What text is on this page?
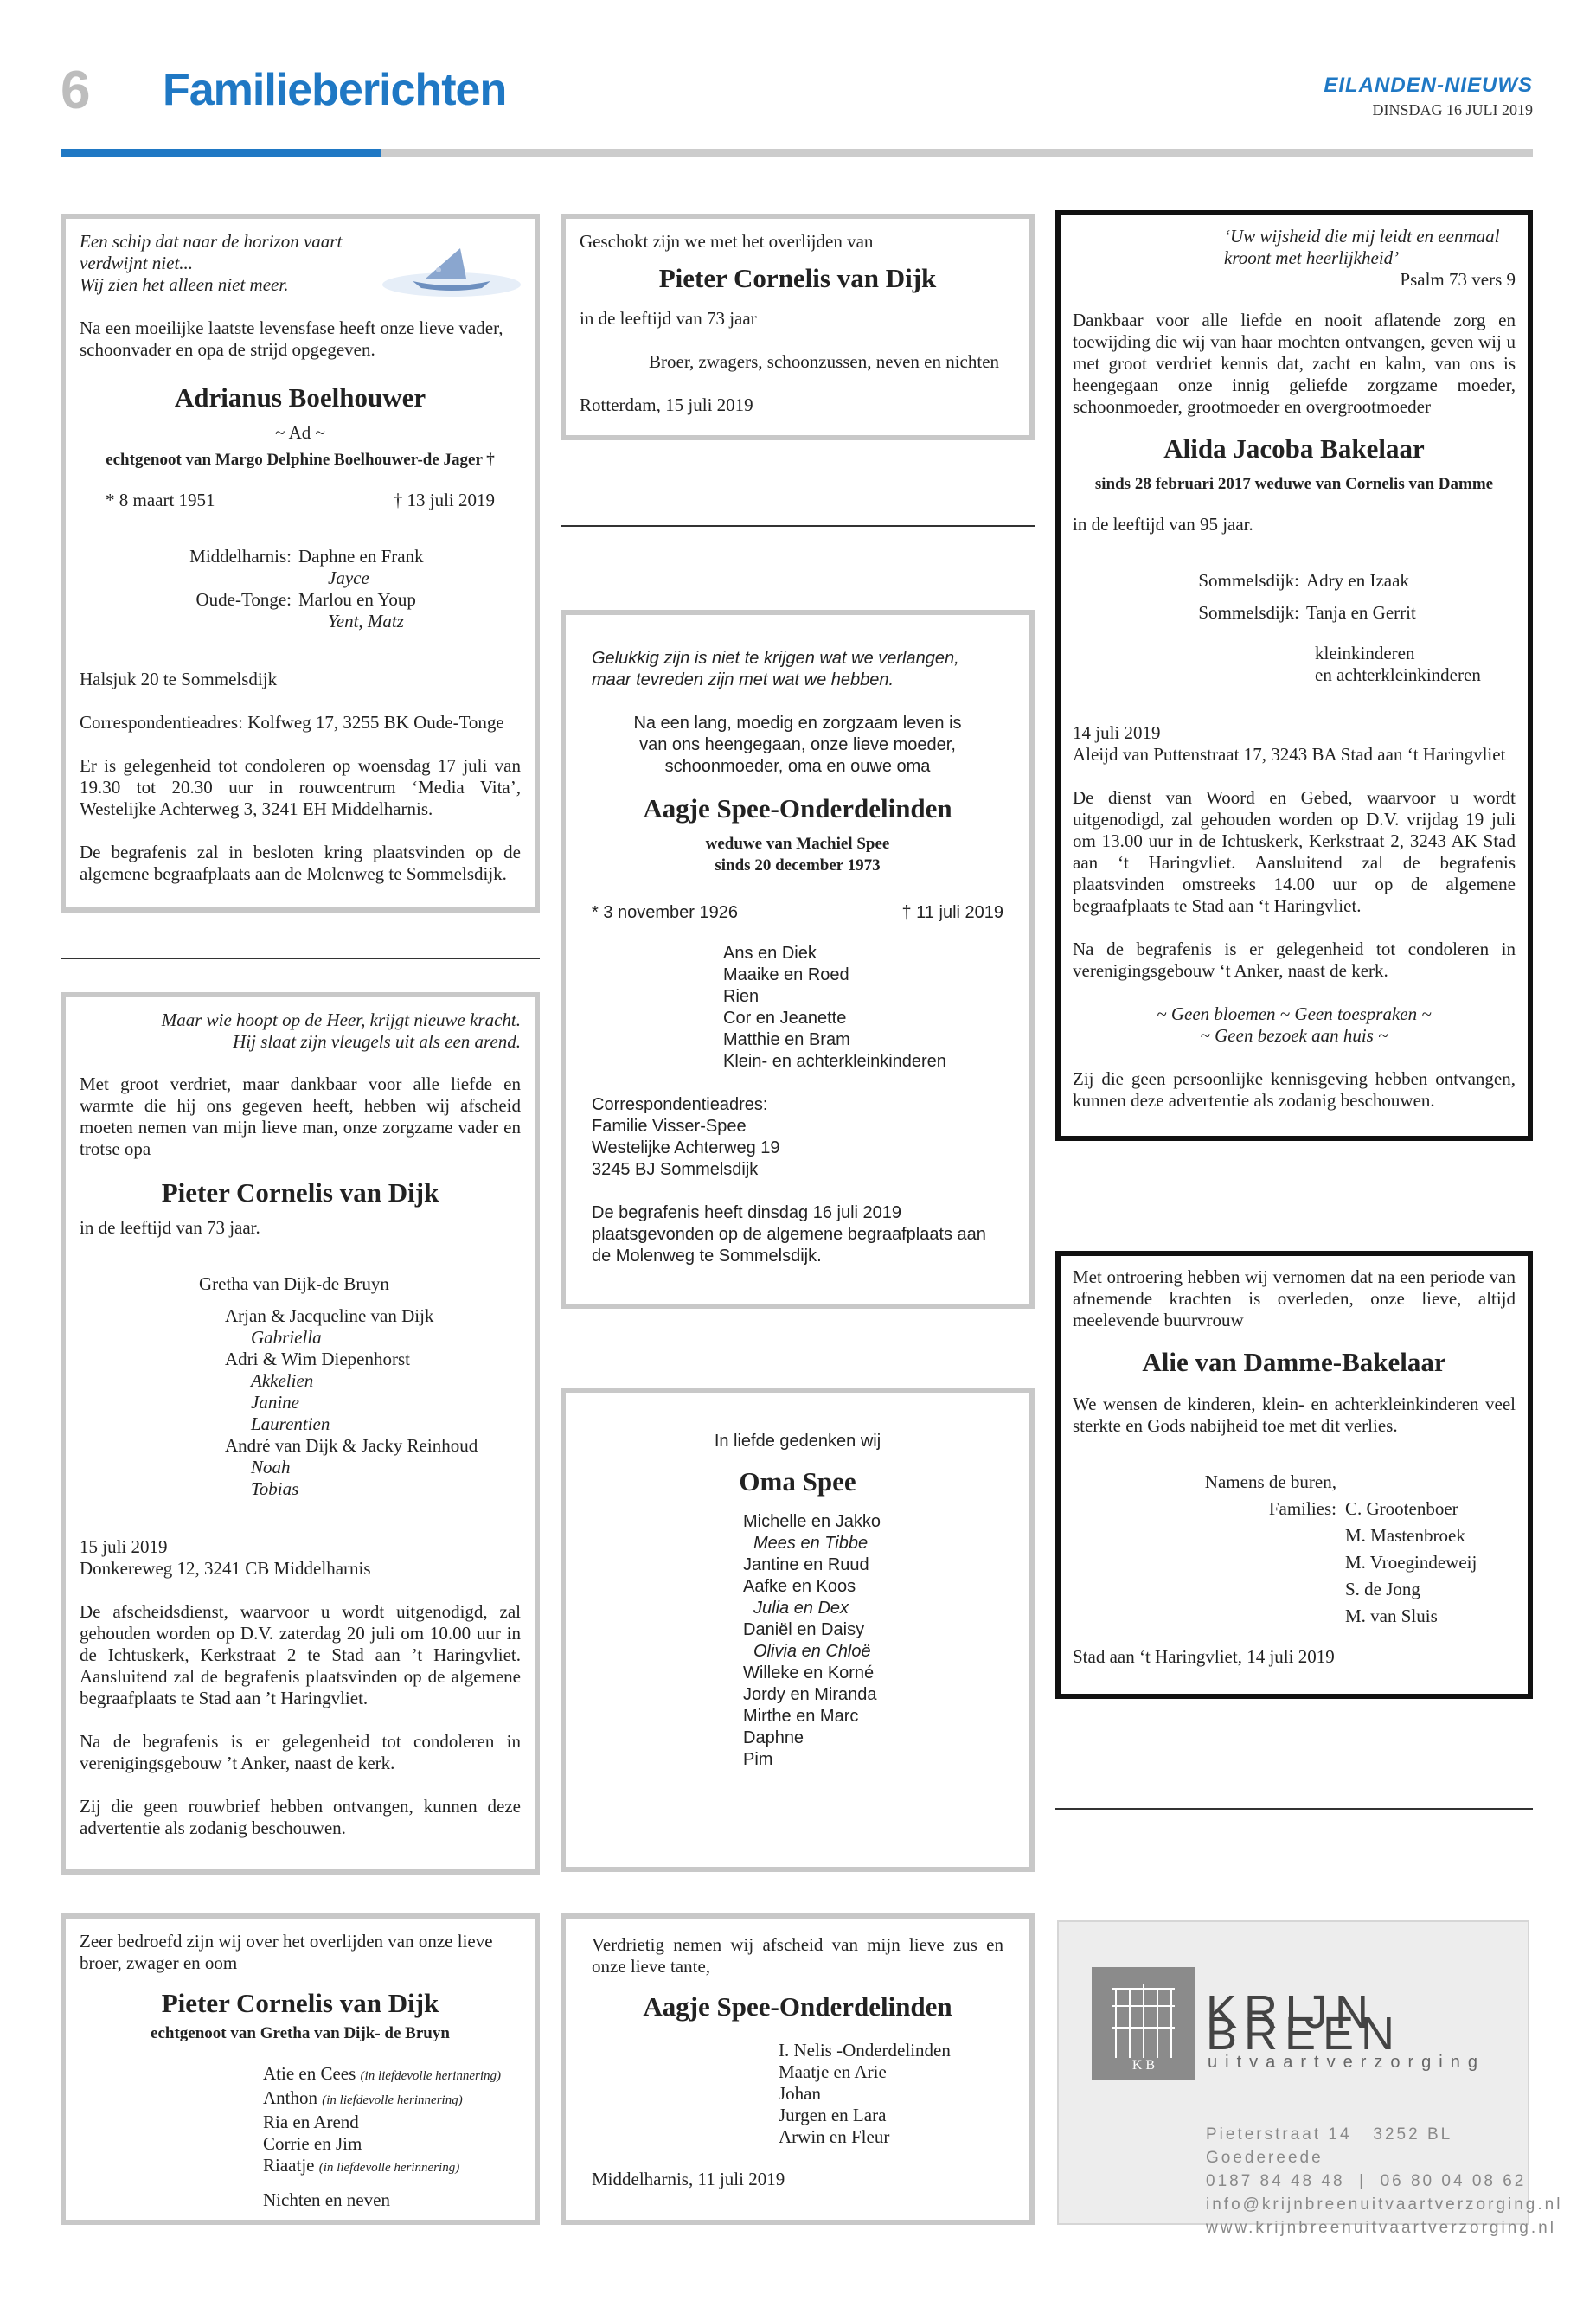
6 Familieberichten	EILANDEN-NIEUWS
DINSDAG 16 JULI 2019
Een schip dat naar de horizon vaart
verdwijnt niet...
Wij zien het alleen niet meer.
Na een moeilijke laatste levensfase heeft onze lieve vader, schoonvader en opa de strijd opgegeven.
Adrianus Boelhouwer
~ Ad ~
echtgenoot van Margo Delphine Boelhouwer-de Jager †
* 8 maart 1951	† 13 juli 2019
Middelharnis: Daphne en Frank
Jayce
Oude-Tonge: Marlou en Youp
Yent, Matz
Halsjuk 20 te Sommelsdijk
Correspondentieadres: Kolfweg 17, 3255 BK Oude-Tonge
Er is gelegenheid tot condoleren op woensdag 17 juli van 19.30 tot 20.30 uur in rouwcentrum ‘Media Vita’, Westelijke Achterweg 3, 3241 EH Middelharnis.
De begrafenis zal in besloten kring plaatsvinden op de algemene begraafplaats aan de Molenweg te Sommelsdijk.
Geschokt zijn we met het overlijden van
Pieter Cornelis van Dijk
in de leeftijd van 73 jaar
Broer, zwagers, schoonzussen, neven en nichten
Rotterdam, 15 juli 2019
Gelukkig zijn is niet te krijgen wat we verlangen,
maar tevreden zijn met wat we hebben.
Na een lang, moedig en zorgzaam leven is
van ons heengegaan, onze lieve moeder,
schoonmoeder, oma en ouwe oma
Aagje Spee-Onderdelinden
weduwe van Machiel Spee
sinds 20 december 1973
* 3 november 1926	† 11 juli 2019
Ans en Diek
Maaike en Roed
Rien
Cor en Jeanette
Matthie en Bram
Klein- en achterkleinkinderen
Correspondentieadres:
Familie Visser-Spee
Westelijke Achterweg 19
3245 BJ Sommelsdijk
De begrafenis heeft dinsdag 16 juli 2019 plaatsgevonden op de algemene begraafplaats aan de Molenweg te Sommelsdijk.
‘Uw wijsheid die mij leidt en eenmaal
kroont met heerlijkheid’
Psalm 73 vers 9
Dankbaar voor alle liefde en nooit aflatende zorg en toewijding die wij van haar mochten ontvangen, geven wij u met groot verdriet kennis dat, zacht en kalm, van ons is heengegaan onze innig geliefde zorgzame moeder, schoonmoeder, grootmoeder en overgrootmoeder
Alida Jacoba Bakelaar
sinds 28 februari 2017 weduwe van Cornelis van Damme
in de leeftijd van 95 jaar.
Sommelsdijk: Adry en Izaak
Sommelsdijk: Tanja en Gerrit
kleinkinderen
en achterkleinkinderen
14 juli 2019
Aleijd van Puttenstraat 17, 3243 BA Stad aan ‘t Haringvliet
De dienst van Woord en Gebed, waarvoor u wordt uitgenodigd, zal gehouden worden op D.V. vrijdag 19 juli om 13.00 uur in de Ichtuskerk, Kerkstraat 2, 3243 AK Stad aan ‘t Haringvliet. Aansluitend zal de begrafenis plaatsvinden omstreeks 14.00 uur op de algemene begraafplaats te Stad aan ‘t Haringvliet.
Na de begrafenis is er gelegenheid tot condoleren in verenigingsgebouw ‘t Anker, naast de kerk.
~ Geen bloemen ~ Geen toespraken ~
~ Geen bezoek aan huis ~
Zij die geen persoonlijke kennisgeving hebben ontvangen, kunnen deze advertentie als zodanig beschouwen.
Met ontroering hebben wij vernomen dat na een periode van afnemende krachten is overleden, onze lieve, altijd meelevende buurvrouw
Alie van Damme-Bakelaar
We wensen de kinderen, klein- en achterkleinkinderen veel sterkte en Gods nabijheid toe met dit verlies.
Namens de buren,
Families: C. Grootenboer
M. Mastenbroek
M. Vroegindeweij
S. de Jong
M. van Sluis
Stad aan ‘t Haringvliet, 14 juli 2019
Maar wie hoopt op de Heer, krijgt nieuwe kracht.
Hij slaat zijn vleugels uit als een arend.
Met groot verdriet, maar dankbaar voor alle liefde en warmte die hij ons gegeven heeft, hebben wij afscheid moeten nemen van mijn lieve man, onze zorgzame vader en trotse opa
Pieter Cornelis van Dijk
in de leeftijd van 73 jaar.
Gretha van Dijk-de Bruyn
Arjan & Jacqueline van Dijk
Gabriella
Adri & Wim Diepenhorst
Akkelien
Janine
Laurentien
André van Dijk & Jacky Reinhoud
Noah
Tobias
15 juli 2019
Donkereweg 12, 3241 CB Middelharnis
De afscheidsdienst, waarvoor u wordt uitgenodigd, zal gehouden worden op D.V. zaterdag 20 juli om 10.00 uur in de Ichtuskerk, Kerkstraat 2 te Stad aan ’t Haringvliet. Aansluitend zal de begrafenis plaatsvinden op de algemene begraafplaats te Stad aan ’t Haringvliet.
Na de begrafenis is er gelegenheid tot condoleren in verenigingsgebouw ’t Anker, naast de kerk.
Zij die geen rouwbrief hebben ontvangen, kunnen deze advertentie als zodanig beschouwen.
In liefde gedenken wij
Oma Spee
Michelle en Jakko
Mees en Tibbe
Jantine en Ruud
Aafke en Koos
Julia en Dex
Daniël en Daisy
Olivia en Chloë
Willeke en Korné
Jordy en Miranda
Mirthe en Marc
Daphne
Pim
Zeer bedroefd zijn wij over het overlijden van onze lieve broer, zwager en oom
Pieter Cornelis van Dijk
echtgenoot van Gretha van Dijk- de Bruyn
Atie en Cees (in liefdevolle herinnering)
Anthon (in liefdevolle herinnering)
Ria en Arend
Corrie en Jim
Riaatje (in liefdevolle herinnering)
Nichten en neven
Verdrietig nemen wij afscheid van mijn lieve zus en onze lieve tante,
Aagje Spee-Onderdelinden
I. Nelis -Onderdelinden
Maatje en Arie
Johan
Jurgen en Lara
Arwin en Fleur
Middelharnis, 11 juli 2019
K B
KRIJN BREEN
uitvaartverzorging
Pieterstraat 14 3252 BL Goedereede
0187 84 48 48  |  06 80 04 08 62
info@krijnbreenuitvaartverzorging.nl
www.krijnbreenuitvaartverzorging.nl
